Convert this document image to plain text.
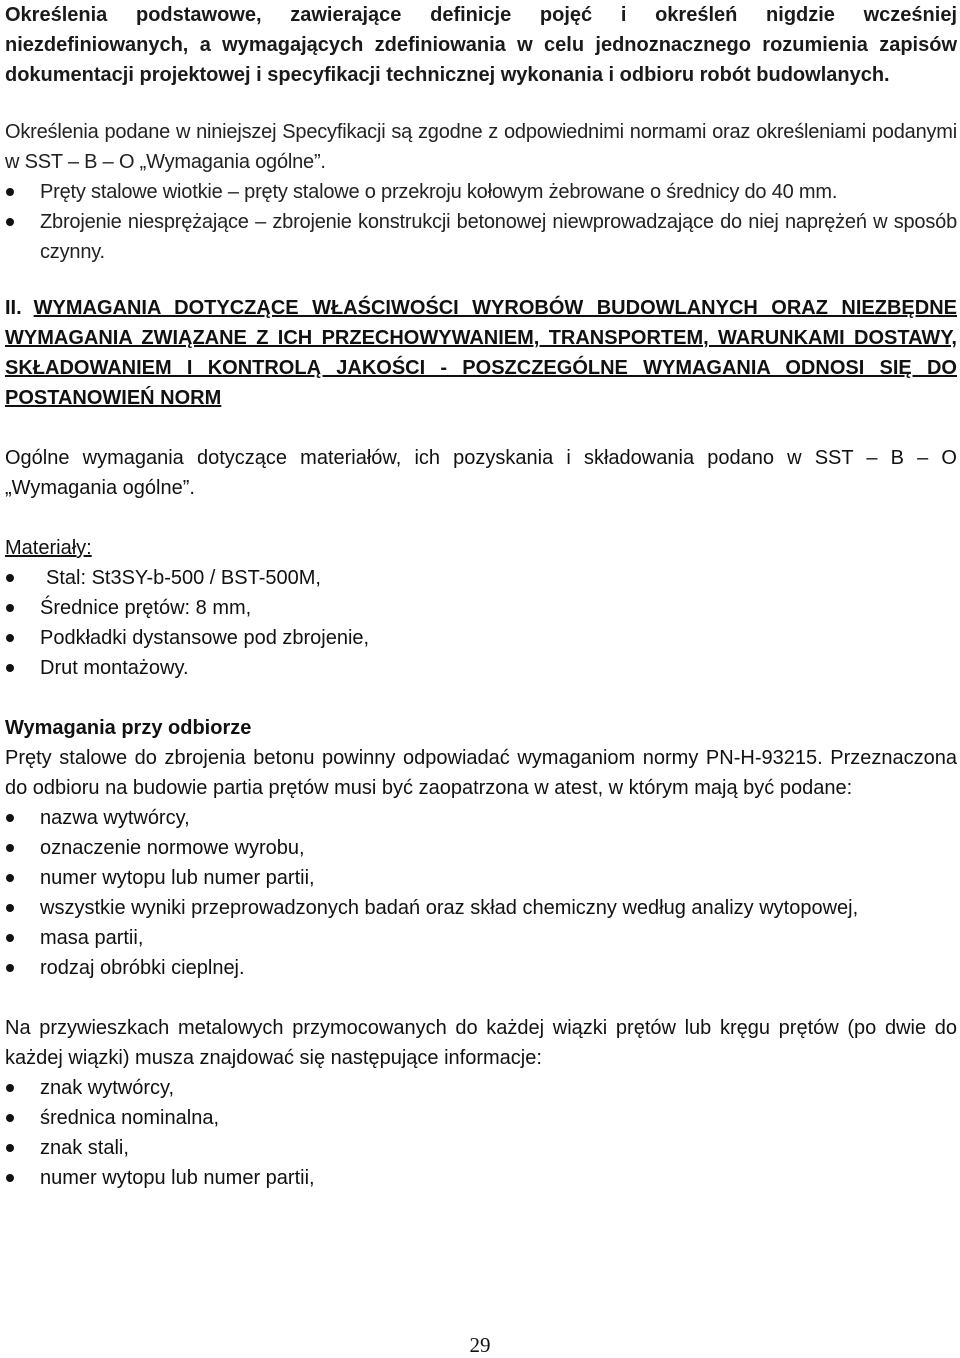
Określenia podstawowe, zawierające definicje pojęć i określeń nigdzie wcześniej niezdefiniowanych, a wymagających zdefiniowania w celu jednoznacznego rozumienia zapisów dokumentacji projektowej i specyfikacji technicznej wykonania i odbioru robót budowlanych.

Określenia podane w niniejszej Specyfikacji są zgodne z odpowiednimi normami oraz określeniami podanymi w SST – B – O „Wymagania ogólne”.

Pręty stalowe wiotkie – pręty stalowe o przekroju kołowym żebrowane o średnicy do 40 mm.
Zbrojenie niesprężające – zbrojenie konstrukcji betonowej niewprowadzające do niej naprężeń w sposób czynny.

II. WYMAGANIA DOTYCZĄCE WŁAŚCIWOŚCI WYROBÓW BUDOWLANYCH ORAZ NIEZBĘDNE WYMAGANIA ZWIĄZANE Z ICH PRZECHOWYWANIEM, TRANSPORTEM, WARUNKAMI DOSTAWY, SKŁADOWANIEM I KONTROLĄ JAKOŚCI - POSZCZEGÓLNE WYMAGANIA ODNOSI SIĘ DO POSTANOWIEŃ NORM

Ogólne wymagania dotyczące materiałów, ich pozyskania i składowania podano w SST – B – O „Wymagania ogólne”.

Materiały:

Stal: St3SY-b-500 / BST-500M,
Średnice prętów: 8 mm,
Podkładki dystansowe pod zbrojenie,
Drut montażowy.

Wymagania przy odbiorze

Pręty stalowe do zbrojenia betonu powinny odpowiadać wymaganiom normy PN-H-93215. Przeznaczona do odbioru na budowie partia prętów musi być zaopatrzona w atest, w którym mają być podane:

nazwa wytwórcy,
oznaczenie normowe wyrobu,
numer wytopu lub numer partii,
wszystkie wyniki przeprowadzonych badań oraz skład chemiczny według analizy wytopowej,
masa partii,
rodzaj obróbki cieplnej.

Na przywieszkach metalowych przymocowanych do każdej wiązki prętów lub kręgu prętów (po dwie do każdej wiązki) musza znajdować się następujące informacje:

znak wytwórcy,
średnica nominalna,
znak stali,
numer wytopu lub numer partii,
29
